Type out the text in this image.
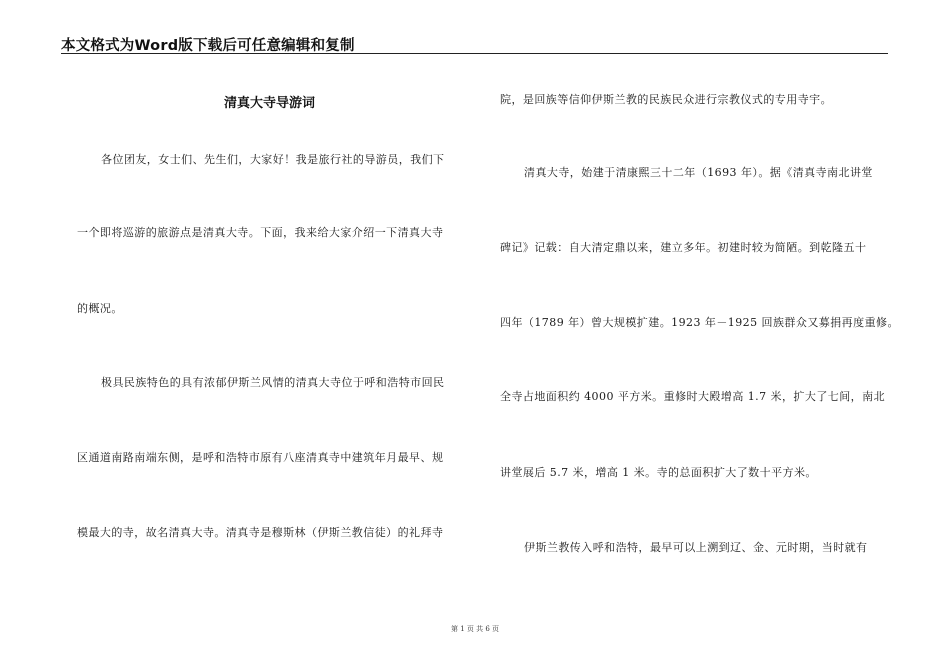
本文格式为Word版下载后可任意编辑和复制
清真大寺导游词
各位团友，女士们、先生们，大家好！我是旅行社的导游员，我们下
一个即将巡游的旅游点是清真大寺。下面，我来给大家介绍一下清真大寺
的概况。
极具民族特色的具有浓郁伊斯兰风情的清真大寺位于呼和浩特市回民
区通道南路南端东侧，是呼和浩特市原有八座清真寺中建筑年月最早、规
模最大的寺，故名清真大寺。清真寺是穆斯林（伊斯兰教信徒）的礼拜寺
院，是回族等信仰伊斯兰教的民族民众进行宗教仪式的专用寺宇。
清真大寺，始建于清康熙三十二年（1693 年）。据《清真寺南北讲堂
碑记》记载：自大清定鼎以来，建立多年。初建时较为简陋。到乾隆五十
四年（1789 年）曾大规模扩建。1923 年－1925 回族群众又募捐再度重修。
全寺占地面积约 4000 平方米。重修时大殿增高 1.7 米，扩大了七间，南北
讲堂展后 5.7 米，增高 1 米。寺的总面积扩大了数十平方米。
伊斯兰教传入呼和浩特，最早可以上溯到辽、金、元时期，当时就有
第 1 页 共 6 页
